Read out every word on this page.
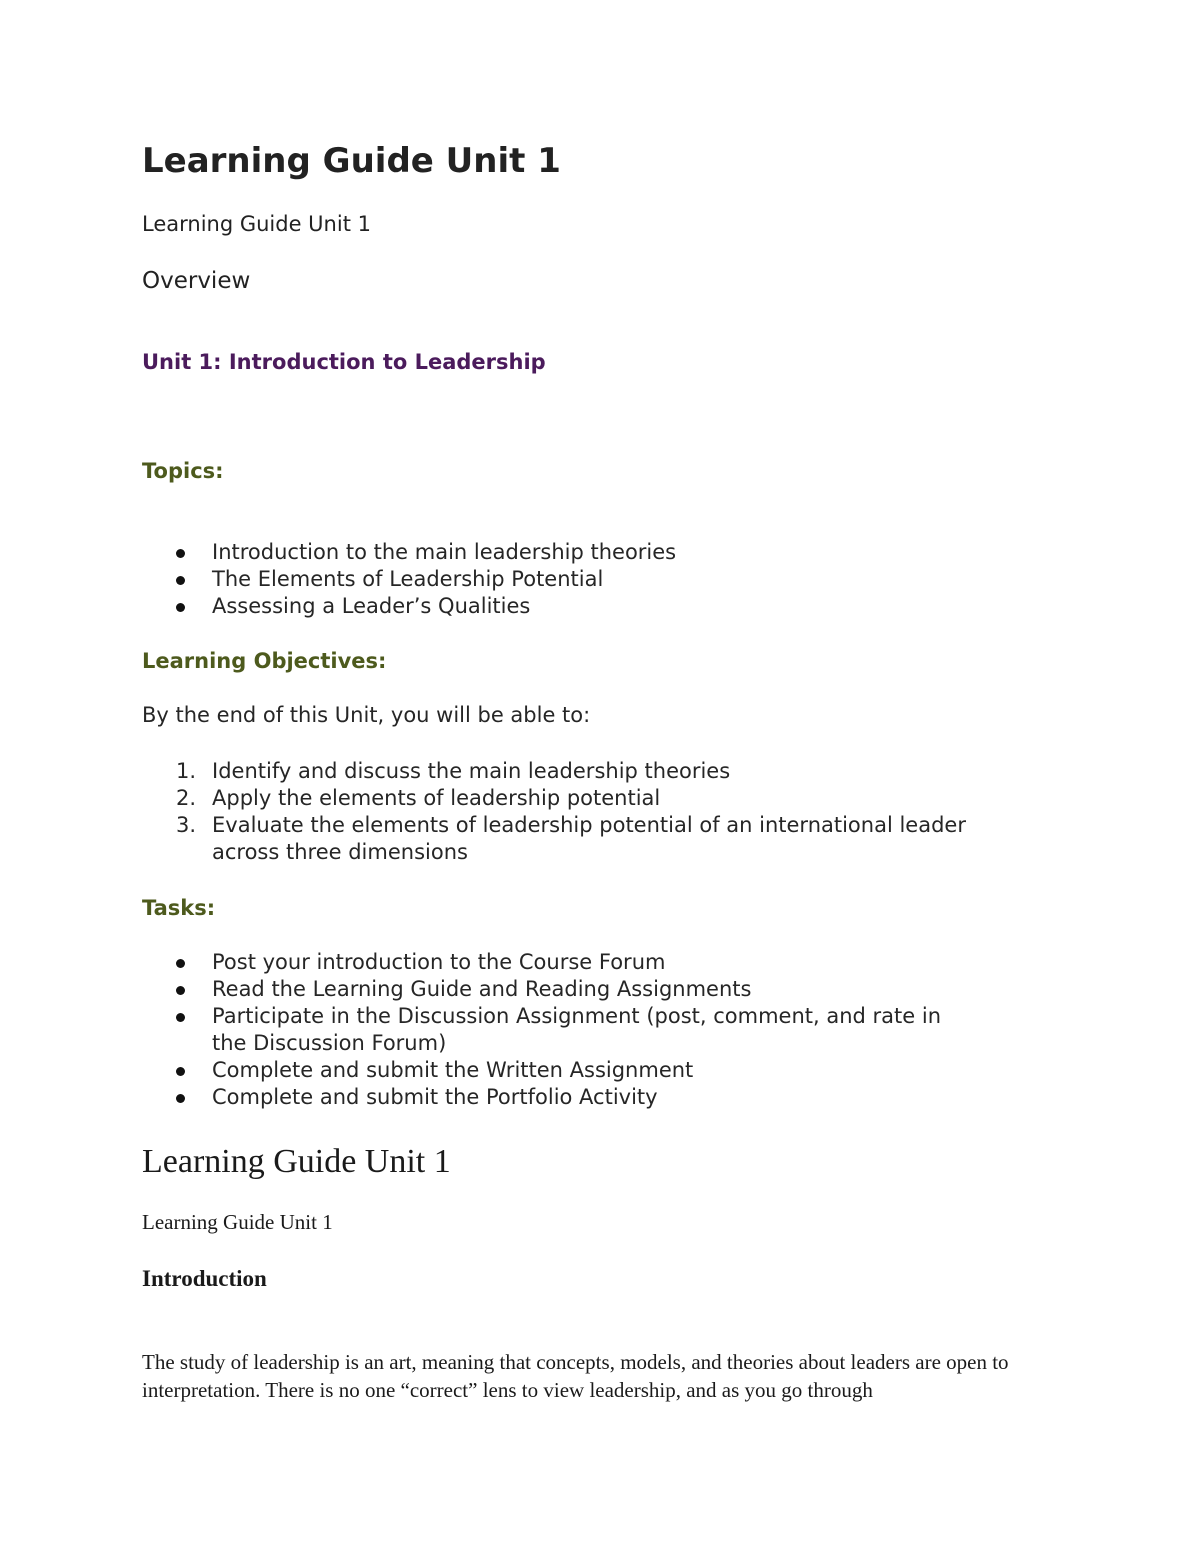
Learning Guide Unit 1

Learning Guide Unit 1

Overview

Unit 1: Introduction to Leadership

Topics:

Introduction to the main leadership theories
The Elements of Leadership Potential
Assessing a Leader’s Qualities

Learning Objectives:

By the end of this Unit, you will be able to:

1. Identify and discuss the main leadership theories
2. Apply the elements of leadership potential
3. Evaluate the elements of leadership potential of an international leader
across three dimensions

Tasks:

Post your introduction to the Course Forum
Read the Learning Guide and Reading Assignments
Participate in the Discussion Assignment (post, comment, and rate in
the Discussion Forum)
Complete and submit the Written Assignment
Complete and submit the Portfolio Activity
Learning Guide Unit 1

Learning Guide Unit 1

Introduction

The study of leadership is an art, meaning that concepts, models, and theories about leaders are open to interpretation. There is no one “correct” lens to view leadership, and as you go through
